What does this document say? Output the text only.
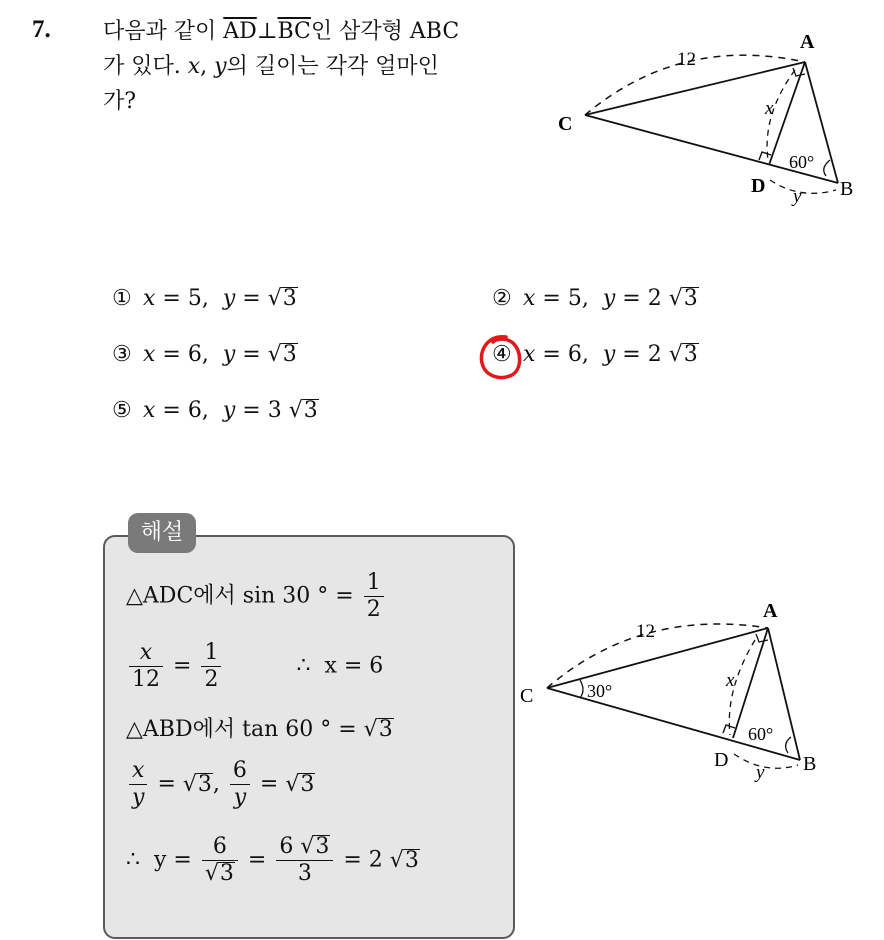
7. 다음과 같이 $\overline{AD}\perp\overline{BC}$인 삼각형 ABC
가 있다. x, y의 길이는 각각 얼마인
가?
12
x
y
60°
A
B
C
D
① x = 5,  y = √3	② x = 5,  y = 2 √3
③ x = 6,  y = √3	④ x = 6,  y = 2 √3
⑤ x = 6,  y = 3 √3
해설
△ADC에서 sin 30 ° = $\frac{1}{2}$
$\frac{x}{12} = \frac{1}{2}$	∴ x = 6
△ABD에서 tan 60 ° = √3
$\frac{x}{y} = √3$, $\frac{6}{y} = √3$
∴ $y = \frac{6}{√3} = \frac{6 √3}{3} = 2$ √3
12
x
y
30°
60°
A
B
C
D
